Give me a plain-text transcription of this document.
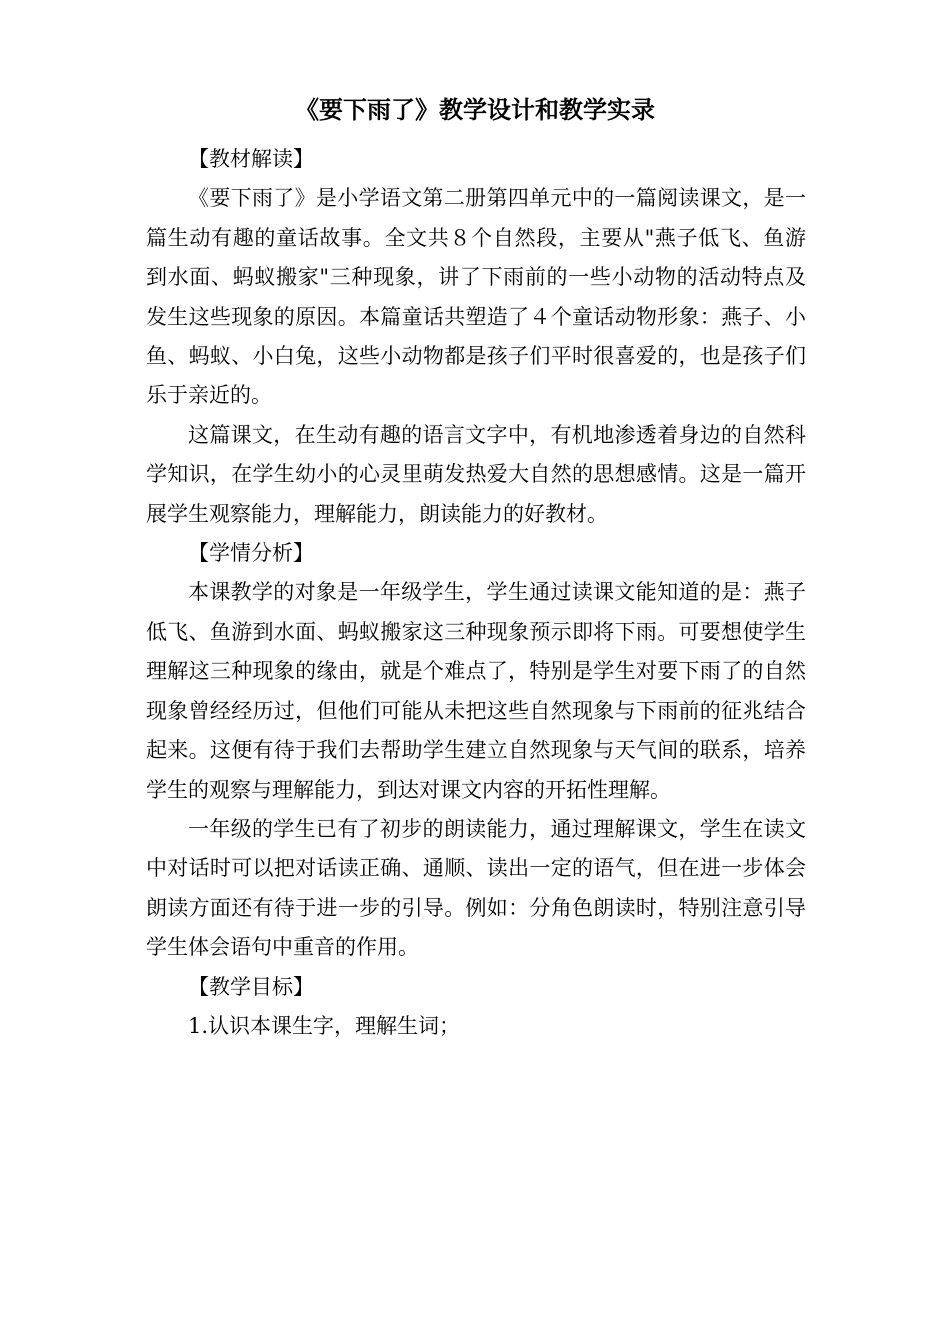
《要下雨了》教学设计和教学实录

【教材解读】

《要下雨了》是小学语文第二册第四单元中的一篇阅读课文，是一篇生动有趣的童话故事。全文共８个自然段，主要从"燕子低飞、鱼游到水面、蚂蚁搬家"三种现象，讲了下雨前的一些小动物的活动特点及发生这些现象的原因。本篇童话共塑造了４个童话动物形象：燕子、小鱼、蚂蚁、小白兔，这些小动物都是孩子们平时很喜爱的，也是孩子们乐于亲近的。

这篇课文，在生动有趣的语言文字中，有机地渗透着身边的自然科学知识，在学生幼小的心灵里萌发热爱大自然的思想感情。这是一篇开展学生观察能力，理解能力，朗读能力的好教材。

【学情分析】

本课教学的对象是一年级学生，学生通过读课文能知道的是：燕子低飞、鱼游到水面、蚂蚁搬家这三种现象预示即将下雨。可要想使学生理解这三种现象的缘由，就是个难点了，特别是学生对要下雨了的自然现象曾经经历过，但他们可能从未把这些自然现象与下雨前的征兆结合起来。这便有待于我们去帮助学生建立自然现象与天气间的联系，培养学生的观察与理解能力，到达对课文内容的开拓性理解。

一年级的学生已有了初步的朗读能力，通过理解课文，学生在读文中对话时可以把对话读正确、通顺、读出一定的语气，但在进一步体会朗读方面还有待于进一步的引导。例如：分角色朗读时，特别注意引导学生体会语句中重音的作用。

【教学目标】

1.认识本课生字，理解生词；
